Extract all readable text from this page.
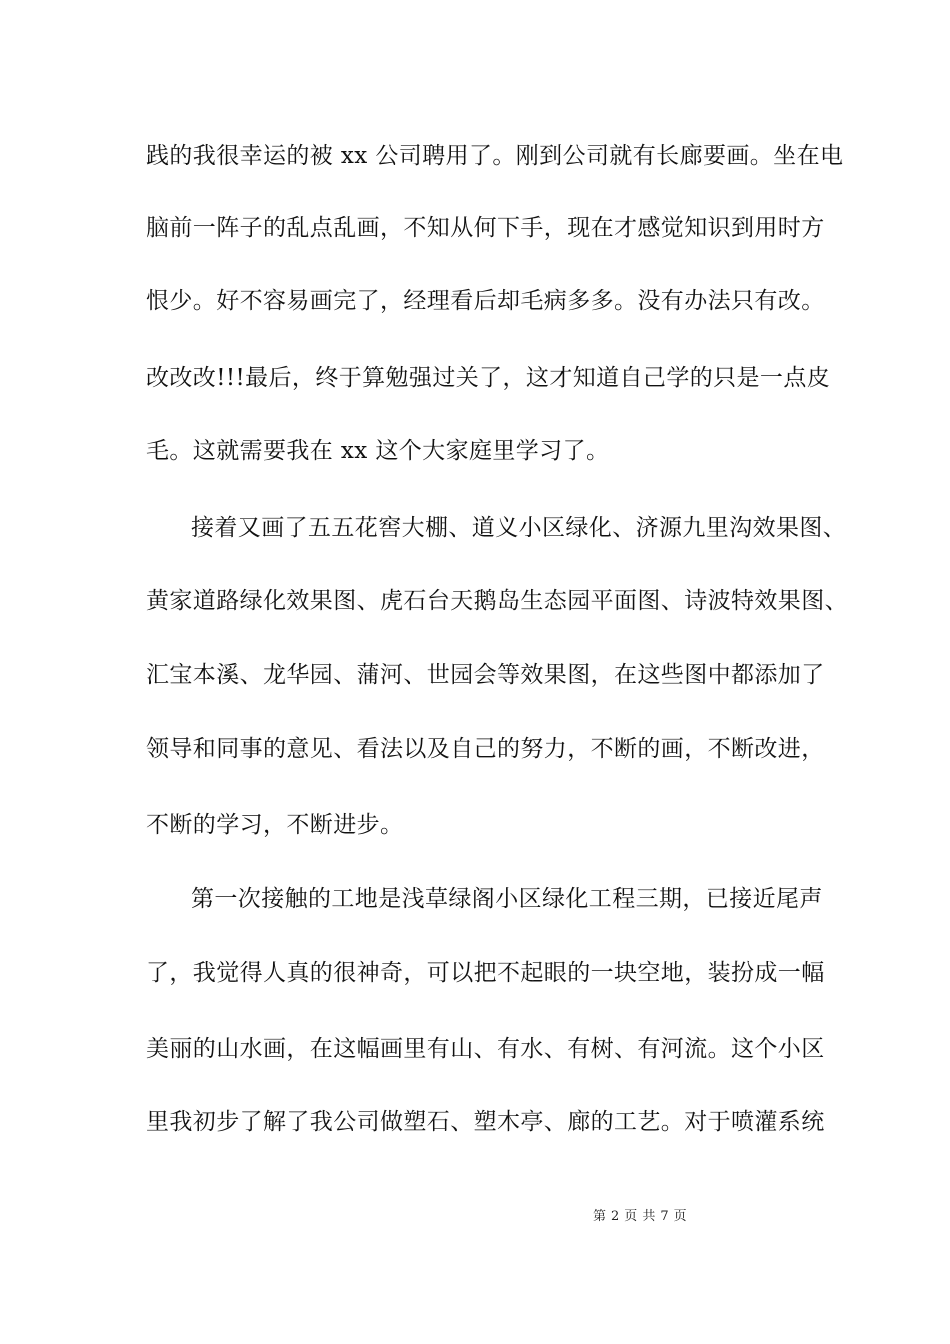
践的我很幸运的被 xx 公司聘用了。刚到公司就有长廊要画。坐在电
脑前一阵子的乱点乱画，不知从何下手，现在才感觉知识到用时方
恨少。好不容易画完了，经理看后却毛病多多。没有办法只有改。
改改改!!!最后，终于算勉强过关了，这才知道自己学的只是一点皮
毛。这就需要我在 xx 这个大家庭里学习了。
接着又画了五五花窖大棚、道义小区绿化、济源九里沟效果图、
黄家道路绿化效果图、虎石台天鹅岛生态园平面图、诗波特效果图、
汇宝本溪、龙华园、蒲河、世园会等效果图，在这些图中都添加了
领导和同事的意见、看法以及自己的努力，不断的画，不断改进，
不断的学习，不断进步。
第一次接触的工地是浅草绿阁小区绿化工程三期，已接近尾声
了，我觉得人真的很神奇，可以把不起眼的一块空地，装扮成一幅
美丽的山水画，在这幅画里有山、有水、有树、有河流。这个小区
里我初步了解了我公司做塑石、塑木亭、廊的工艺。对于喷灌系统
第 2 页 共 7 页
